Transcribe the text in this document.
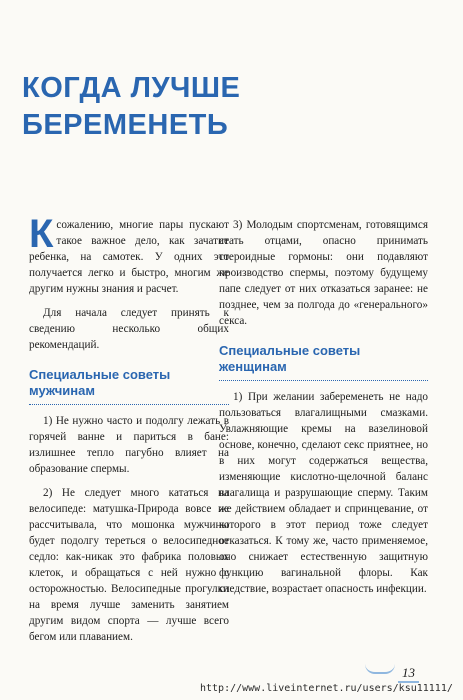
КОГДА ЛУЧШЕ
БЕРЕМЕНЕТЬ

Ксожалению, многие пары пускают такое важное дело, как зачатие ребенка, на самотек. У одних это получается легко и быстро, многим же другим нужны знания и расчет.

Для начала следует принять к сведению несколько общих рекомендаций.

Специальные советы
мужчинам

1) Не нужно часто и подолгу лежать в горячей ванне и париться в бане: излишнее тепло пагубно влияет на образование спермы.

2) Не следует много кататься на велосипеде: матушка-Природа вовсе не рассчитывала, что мошонка мужчины будет подолгу тереться о велосипедное седло: как-никак это фабрика половых клеток, и обращаться с ней нужно с осторожностью. Велосипедные прогулки на время лучше заменить занятием другим видом спорта — лучше всего бегом или плаванием.

3) Молодым спортсменам, готовящимся стать отцами, опасно принимать стероидные гормоны: они подавляют производство спермы, поэтому будущему папе следует от них отказаться заранее: не позднее, чем за полгода до «генерального» секса.

Специальные советы
женщинам

1) При желании забеременеть не надо пользоваться влагалищными смазками. Увлажняющие кремы на вазелиновой основе, конечно, сделают секс приятнее, но в них могут содержаться вещества, изменяющие кислотно-щелочной баланс влагалища и разрушающие сперму. Таким же действием обладает и спринцевание, от которого в этот период тоже следует отказаться. К тому же, часто применяемое, оно снижает естественную защитную функцию вагинальной флоры. Как следствие, возрастает опасность инфекции.

13
http://www.liveinternet.ru/users/ksu11111/
